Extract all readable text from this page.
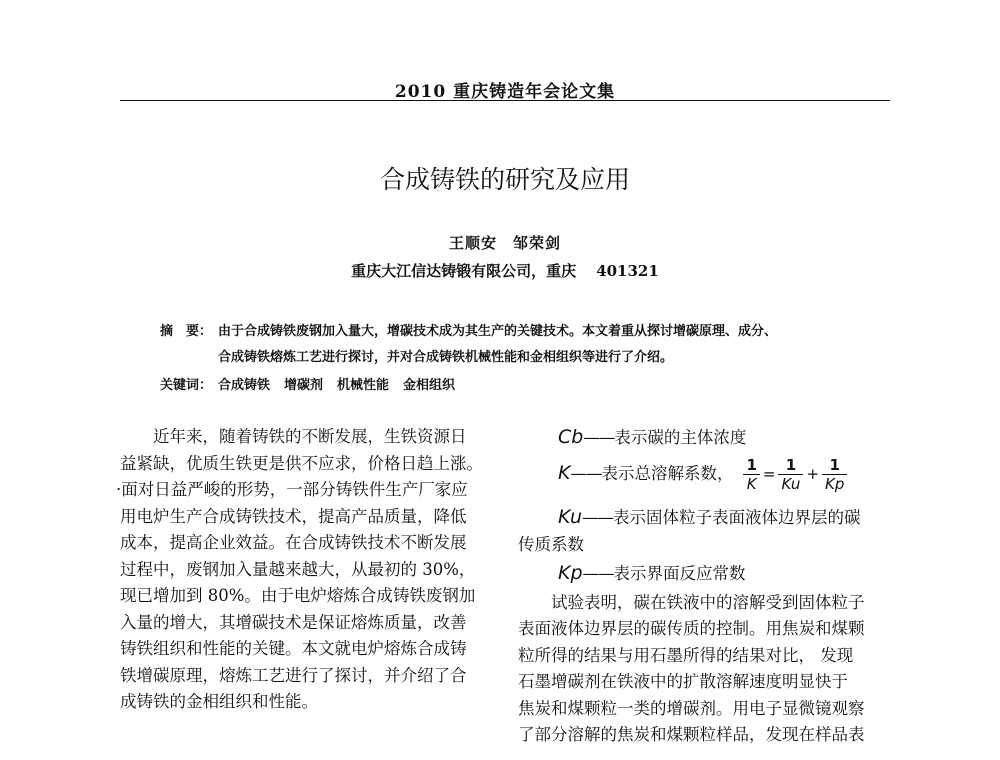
2010 重庆铸造年会论文集
合成铸铁的研究及应用
王顺安　邹荣剑
重庆大江信达铸锻有限公司，重庆 401321
摘　要： 由于合成铸铁废钢加入量大，增碳技术成为其生产的关键技术。本文着重从探讨增碳原理、成分、
合成铸铁熔炼工艺进行探讨，并对合成铸铁机械性能和金相组织等进行了介绍。
关键词： 合成铸铁 增碳剂 机械性能 金相组织

近年来，随着铸铁的不断发展，生铁资源日

益紧缺，优质生铁更是供不应求，价格日趋上涨。
·面对日益严峻的形势，一部分铸铁件生产厂家应
用电炉生产合成铸铁技术，提高产品质量，降低
成本，提高企业效益。在合成铸铁技术不断发展
过程中，废钢加入量越来越大，从最初的 30%，
现已增加到 80%。由于电炉熔炼合成铸铁废钢加
入量的增大，其增碳技术是保证熔炼质量，改善
铸铁组织和性能的关键。本文就电炉熔炼合成铸
铁增碳原理，熔炼工艺进行了探讨，并介绍了合
成铸铁的金相组织和性能。
Cb——表示碳的主体浓度
K——表示总溶解系数， $\frac{1}{K} = \frac{1}{Ku} + \frac{1}{Kp}$
Ku——表示固体粒子表面液体边界层的碳
传质系数
Kp——表示界面反应常数
试验表明，碳在铁液中的溶解受到固体粒子
表面液体边界层的碳传质的控制。用焦炭和煤颗
粒所得的结果与用石墨所得的结果对比， 发现
石墨增碳剂在铁液中的扩散溶解速度明显快于
焦炭和煤颗粒一类的增碳剂。用电子显微镜观察
了部分溶解的焦炭和煤颗粒样品，发现在样品表
